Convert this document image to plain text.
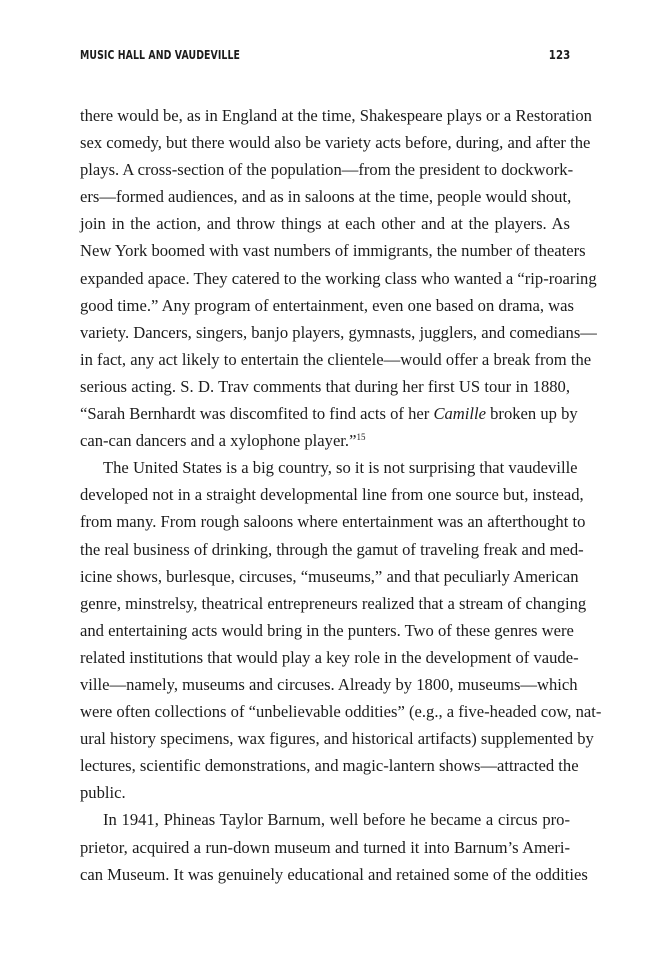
MUSIC HALL AND VAUDEVILLE	123

there would be, as in England at the time, Shakespeare plays or a Restoration
sex comedy, but there would also be variety acts before, during, and after the
plays. A cross-section of the population—from the president to dockwork-
ers—formed audiences, and as in saloons at the time, people would shout,
join in the action, and throw things at each other and at the players. As
New York boomed with vast numbers of immigrants, the number of theaters
expanded apace. They catered to the working class who wanted a “rip-roaring
good time.” Any program of entertainment, even one based on drama, was
variety. Dancers, singers, banjo players, gymnasts, jugglers, and comedians—
in fact, any act likely to entertain the clientele—would offer a break from the
serious acting. S. D. Trav comments that during her first US tour in 1880,
“Sarah Bernhardt was discomfited to find acts of her Camille broken up by
can-can dancers and a xylophone player.”$^{15}$

The United States is a big country, so it is not surprising that vaudeville
developed not in a straight developmental line from one source but, instead,
from many. From rough saloons where entertainment was an afterthought to
the real business of drinking, through the gamut of traveling freak and med-
icine shows, burlesque, circuses, “museums,” and that peculiarly American
genre, minstrelsy, theatrical entrepreneurs realized that a stream of changing
and entertaining acts would bring in the punters. Two of these genres were
related institutions that would play a key role in the development of vaude-
ville—namely, museums and circuses. Already by 1800, museums—which
were often collections of “unbelievable oddities” (e.g., a five-headed cow, nat-
ural history specimens, wax figures, and historical artifacts) supplemented by
lectures, scientific demonstrations, and magic-lantern shows—attracted the
public.

In 1941, Phineas Taylor Barnum, well before he became a circus pro-
prietor, acquired a run-down museum and turned it into Barnum’s Ameri-
can Museum. It was genuinely educational and retained some of the oddities
